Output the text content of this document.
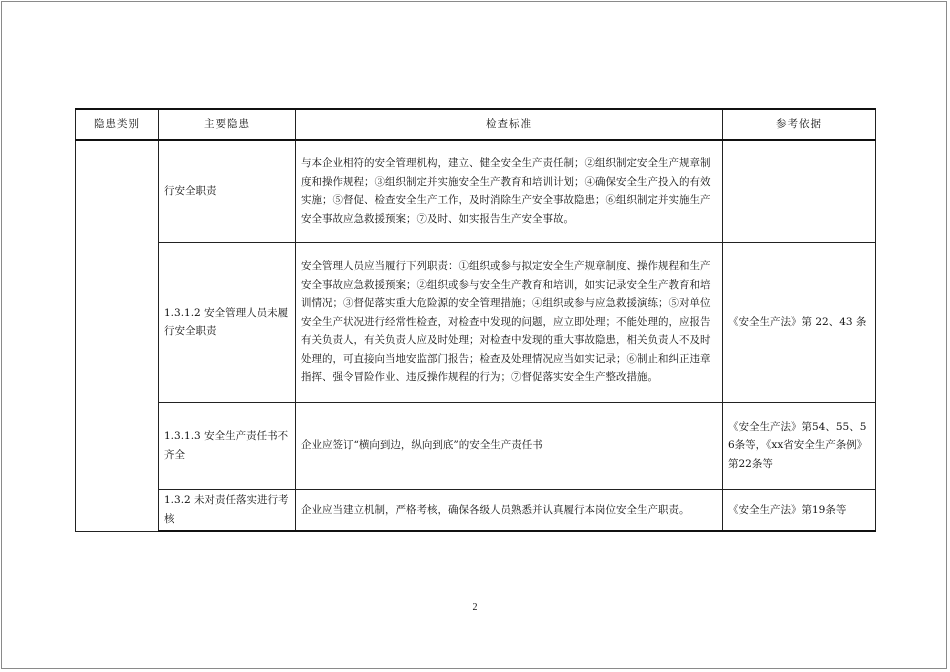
隐患类别	主要隐患	检查标准	参考依据
	行安全职责	与本企业相符的安全管理机构，建立、健全安全生产责任制；②组织制定安全生产规章制度和操作规程；③组织制定并实施安全生产教育和培训计划；④确保安全生产投入的有效实施；⑤督促、检查安全生产工作，及时消除生产安全事故隐患；⑥组织制定并实施生产安全事故应急救援预案；⑦及时、如实报告生产安全事故。	
	1.3.1.2 安全管理人员未履行安全职责	安全管理人员应当履行下列职责：①组织或参与拟定安全生产规章制度、操作规程和生产安全事故应急救援预案；②组织或参与安全生产教育和培训，如实记录安全生产教育和培训情况；③督促落实重大危险源的安全管理措施；④组织或参与应急救援演练；⑤对单位安全生产状况进行经常性检查，对检查中发现的问题，应立即处理；不能处理的，应报告有关负责人，有关负责人应及时处理；对检查中发现的重大事故隐患，相关负责人不及时处理的，可直接向当地安监部门报告；检查及处理情况应当如实记录；⑥制止和纠正违章指挥、强令冒险作业、违反操作规程的行为；⑦督促落实安全生产整改措施。	《安全生产法》第 22、43 条
	1.3.1.3 安全生产责任书不齐全	企业应签订“横向到边，纵向到底”的安全生产责任书	《安全生产法》第54、55、56条等，《xx省安全生产条例》第22条等
	1.3.2 未对责任落实进行考核	企业应当建立机制，严格考核，确保各级人员熟悉并认真履行本岗位安全生产职责。	《安全生产法》第19条等
2
